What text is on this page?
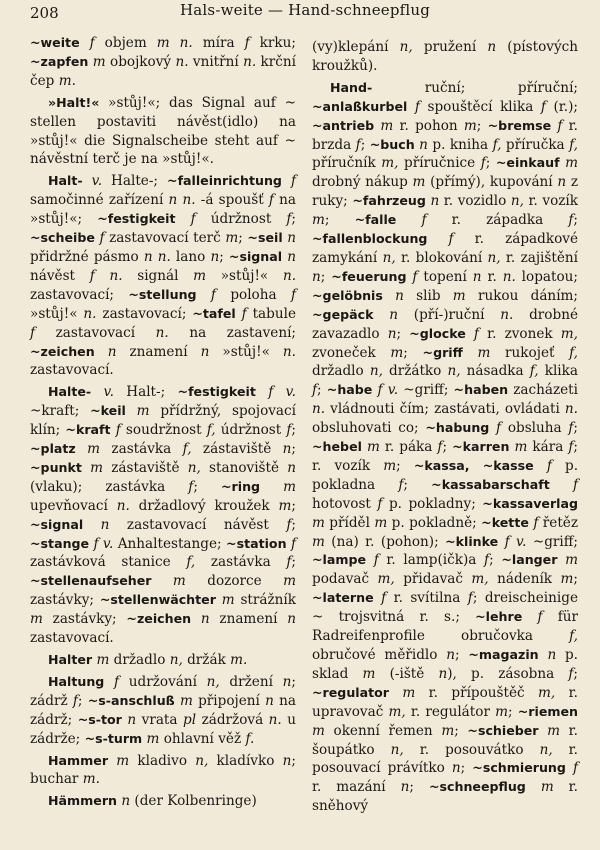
208	Hals-weite — Hand-schneepflug

~weite f objem m n. míra f krku; ~zapfen m obojkový n. vnitřní n. krční čep m.

»Halt!« »stůj!«; das Signal auf ~ stellen postaviti návěst(idlo) na »stůj!« die Signalscheibe steht auf ~ návěstní terč je na »stůj!«.

Halt- v. Halte-; ~falleinrichtung f samočinné zařízení n n. -á spoušť f na »stůj!«; ~festigkeit f údržnost f; ~scheibe f zastavovací terč m; ~seil n přidržné pásmo n n. lano n; ~signal n návěst f n. signál m »stůj!« n. zastavovací; ~stellung f poloha f »stůj!« n. zastavovací; ~tafel f tabule f zastavovací n. na zastavení; ~zeichen n znamení n »stůj!« n. zastavovací.

Halte- v. Halt-; ~festigkeit f v. ~kraft; ~keil m přídržný, spojovací klín; ~kraft f soudržnost f, údržnost f; ~platz m zastávka f, zástaviště n; ~punkt m zástaviště n, stanoviště n (vlaku); zastávka f; ~ring m upevňovací n. držadlový kroužek m; ~signal n zastavovací návěst f; ~stange f v. Anhaltestange; ~station f zastávková stanice f, zastávka f; ~stellenaufseher m dozorce m zastávky; ~stellenwächter m strážník m zastávky; ~zeichen n znamení n zastavovací.

Halter m držadlo n, držák m.

Haltung f udržování n, držení n; zádrž f; ~s-anschluß m připojení n na zádrž; ~s-tor n vrata pl zádržová n. u zádrže; ~s-turm m ohlavní věž f.

Hammer m kladivo n, kladívko n; buchar m.

Hämmern n (der Kolbenringe)

(vy)klepání n, pružení n (pístových kroužků).

Hand- ruční; příruční; ~anlaßkurbel f spouštěcí klika f (r.); ~antrieb m r. pohon m; ~bremse f r. brzda f; ~buch n p. kniha f, příručka f, příručník m, příručnice f; ~einkauf m drobný nákup m (přímý), kupování n z ruky; ~fahrzeug n r. vozidlo n, r. vozík m; ~falle f r. západka f; ~fallenblockung f r. západkové zamykání n, r. blokování n, r. zajištění n; ~feuerung f topení n r. n. lopatou; ~gelöbnis n slib m rukou dáním; ~gepäck n (pří-)ruční n. drobné zavazadlo n; ~glocke f r. zvonek m, zvoneček m; ~griff m rukojeť f, držadlo n, držátko n, násadka f, klika f; ~habe f v. ~griff; ~haben zacházeti n. vládnouti čím; zastávati, ovládati n. obsluhovati co; ~habung f obsluha f; ~hebel m r. páka f; ~karren m kára f; r. vozík m; ~kassa, ~kasse f p. pokladna f; ~kassabarschaft f hotovost f p. pokladny; ~kassaverlag m příděl m p. pokladně; ~kette f řetěz m (na) r. (pohon); ~klinke f v. ~griff; ~lampe f r. lamp(ičk)a f; ~langer m podavač m, přidavač m, nádeník m; ~laterne f r. svítilna f; dreischeinige ~ trojsvitná r. s.; ~lehre f für Radreifenprofile obručovka f, obručové měřidlo n; ~magazin n p. sklad m (-iště n), p. zásobna f; ~regulator m r. přípouštěč m, r. upravovač m, r. regulátor m; ~riemen m okenní řemen m; ~schieber m r. šoupátko n, r. posouvátko n, r. posouvací právítko n; ~schmierung f r. mazání n; ~schneepflug m r. sněhový
